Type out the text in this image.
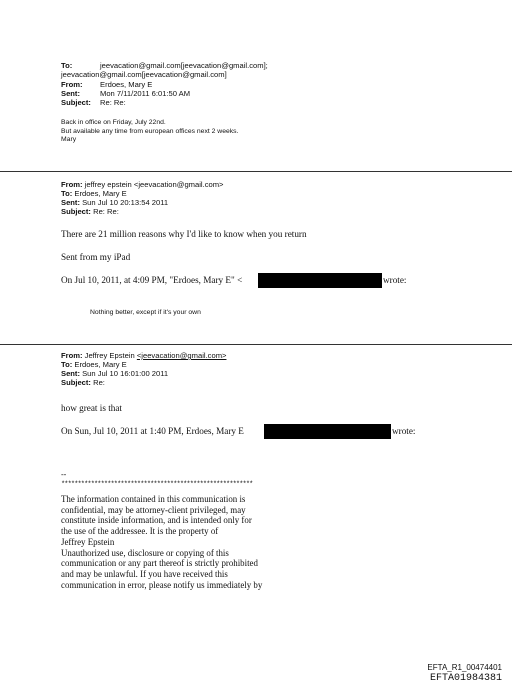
To:	jeevacation@gmail.com[jeevacation@gmail.com];
jeevacation@gmail.com[jeevacation@gmail.com]
From: Erdoes, Mary E
Sent:	Mon 7/11/2011 6:01:50 AM
Subject: Re: Re:
Back in office on Friday, July 22nd.
But available any time from european offices next 2 weeks.
Mary
From: jeffrey epstein <jeevacation@gmail.com>
To: Erdoes, Mary E
Sent: Sun Jul 10 20:13:54 2011
Subject: Re: Re:
There are 21 million reasons why I'd like to know when you return
Sent from my iPad
On Jul 10, 2011, at 4:09 PM, "Erdoes, Mary E" <	wrote:
Nothing better, except if it's your own
From: Jeffrey Epstein <jeevacation@gmail.com>
To: Erdoes, Mary E
Sent: Sun Jul 10 16:01:00 2011
Subject: Re:
how great is that
On Sun, Jul 10, 2011 at 1:40 PM, Erdoes, Mary E	wrote:
--
**********************************************************
The information contained in this communication is
confidential, may be attorney-client privileged, may
constitute inside information, and is intended only for
the use of the addressee. It is the property of
Jeffrey Epstein
Unauthorized use, disclosure or copying of this
communication or any part thereof is strictly prohibited
and may be unlawful. If you have received this
communication in error, please notify us immediately by
EFTA_R1_00474401
EFTA01984381
